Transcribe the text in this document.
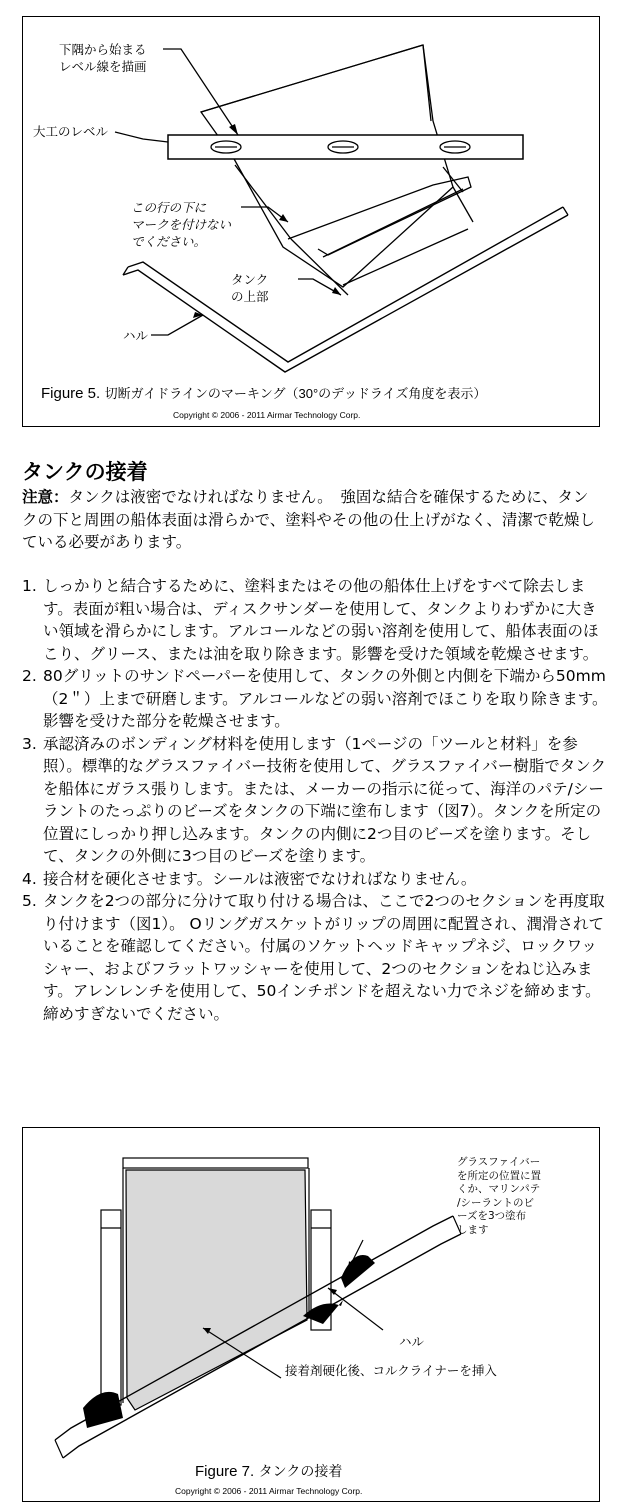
下隅から始まる
レベル線を描画
大工のレベル
この行の下に
マークを付けない
でください。
タンク
の上部
ハル
Figure 5. 切断ガイドラインのマーキング（30°のデッドライズ角度を表示）
Copyright © 2006 - 2011 Airmar Technology Corp.
タンクの接着

注意：タンクは液密でなければなりません。　強固な結合を確保するために、タンクの下と周囲の船体表面は滑らかで、塗料やその他の仕上げがなく、清潔で乾燥している必要があります。

1. しっかりと結合するために、塗料またはその他の船体仕上げをすべて除去します。表面が粗い場合は、ディスクサンダーを使用して、タンクよりわずかに大きい領域を滑らかにします。アルコールなどの弱い溶剤を使用して、船体表面のほこり、グリース、または油を取り除きます。影響を受けた領域を乾燥させます。
2. 80グリットのサンドペーパーを使用して、タンクの外側と内側を下端から50mm（2＂）上まで研磨します。アルコールなどの弱い溶剤でほこりを取り除きます。影響を受けた部分を乾燥させます。
3. 承認済みのボンディング材料を使用します（1ページの「ツールと材料」を参照）。標準的なグラスファイバー技術を使用して、グラスファイバー樹脂でタンクを船体にガラス張りします。または、メーカーの指示に従って、海洋のパテ/シーラントのたっぷりのビーズをタンクの下端に塗布します（図7）。タンクを所定の位置にしっかり押し込みます。タンクの内側に2つ目のビーズを塗ります。そして、タンクの外側に3つ目のビーズを塗ります。
4. 接合材を硬化させます。シールは液密でなければなりません。
5. タンクを2つの部分に分けて取り付ける場合は、ここで2つのセクションを再度取り付けます（図1）。 Oリングガスケットがリップの周囲に配置され、潤滑されていることを確認してください。付属のソケットヘッドキャップネジ、ロックワッシャー、およびフラットワッシャーを使用して、2つのセクションをねじ込みます。アレンレンチを使用して、50インチポンドを超えない力でネジを締めます。締めすぎないでください。
グラスファイバー
を所定の位置に置
くか、マリンパテ
/シーラントのビ
ーズを3つ塗布
します
ハル
接着剤硬化後、コルクライナーを挿入
Figure 7. タンクの接着
Copyright © 2006 - 2011 Airmar Technology Corp.
